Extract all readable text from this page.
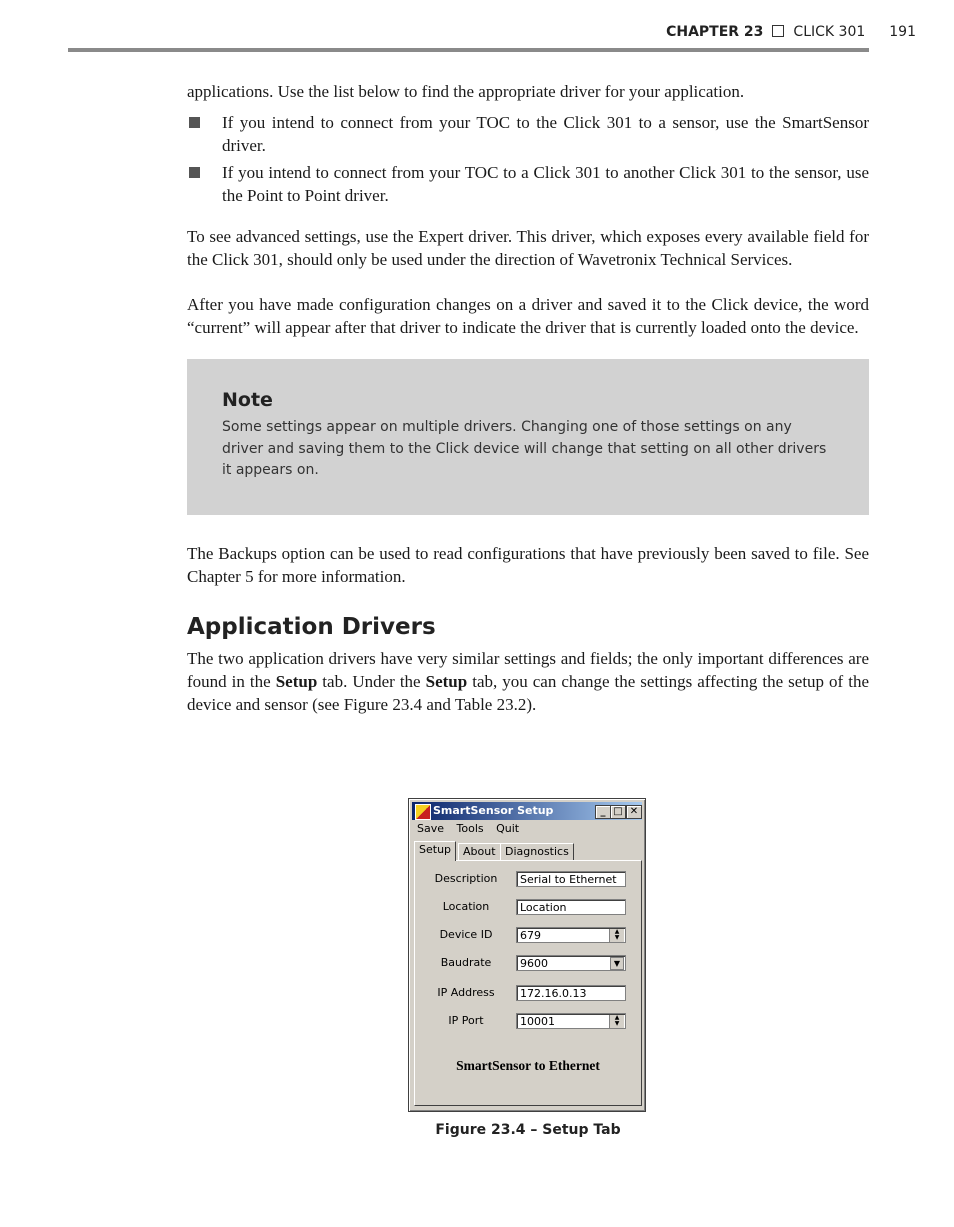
CHAPTER 23 CLICK 301 191

applications. Use the list below to find the appropriate driver for your application.

If you intend to connect from your TOC to the Click 301 to a sensor, use the SmartSensor driver.
If you intend to connect from your TOC to a Click 301 to another Click 301 to the sensor, use the Point to Point driver.

To see advanced settings, use the Expert driver. This driver, which exposes every available field for the Click 301, should only be used under the direction of Wavetronix Technical Services.

After you have made configuration changes on a driver and saved it to the Click device, the word “current” will appear after that driver to indicate the driver that is currently loaded onto the device.

Note
Some settings appear on multiple drivers. Changing one of those settings on any driver and saving them to the Click device will change that setting on all other drivers it appears on.

The Backups option can be used to read configurations that have previously been saved to file. See Chapter 5 for more information.

Application Drivers

The two application drivers have very similar settings and fields; the only important differences are found in the Setup tab. Under the Setup tab, you can change the settings affecting the setup of the device and sensor (see Figure 23.4 and Table 23.2).

SmartSensor Setup	_ □ ✕
Save Tools Quit
Setup	About Diagnostics
Description	Serial to Ethernet
Location	Location
Device ID	679	▲
▼
Baudrate	9600	▼
IP Address	172.16.0.13
IP Port	10001	▲
▼
SmartSensor to Ethernet
Figure 23.4 – Setup Tab
